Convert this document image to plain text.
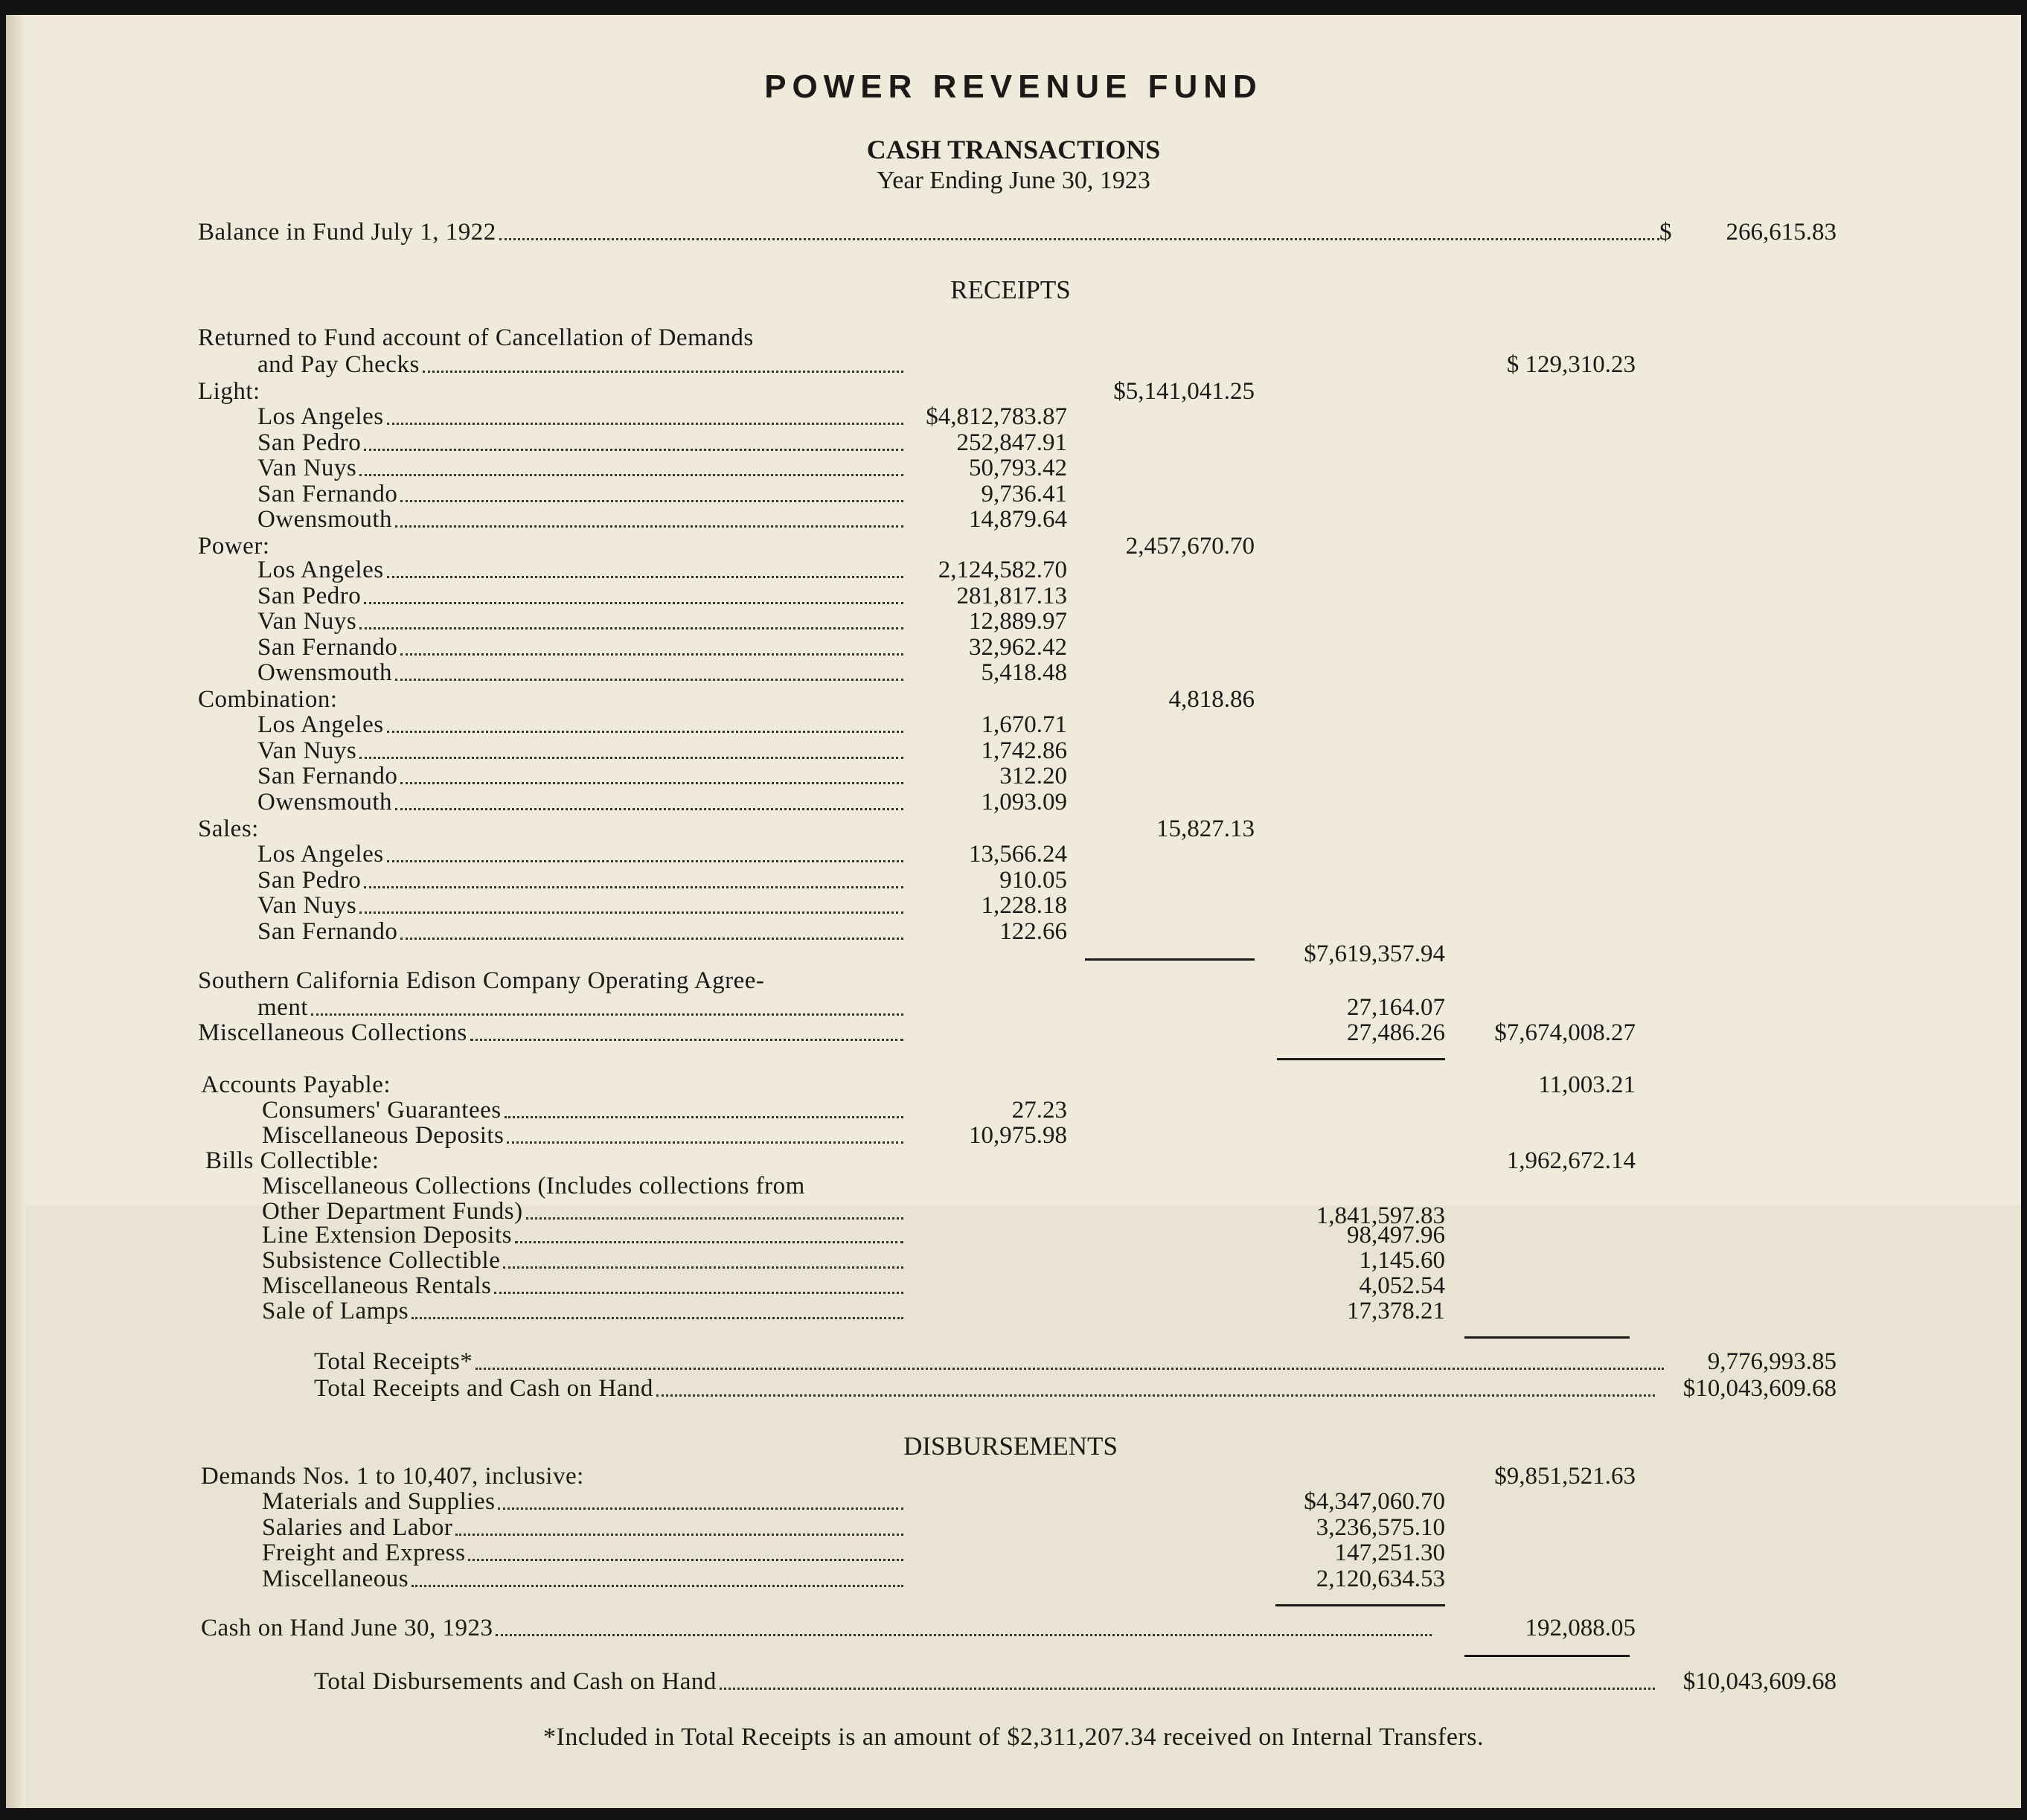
POWER REVENUE FUND
CASH TRANSACTIONS
Year Ending June 30, 1923
Balance in Fund July 1, 1922	$ 266,615.83
RECEIPTS
Returned to Fund account of Cancellation of Demands
and Pay Checks	$ 129,310.23
Light:	$5,141,041.25
Los Angeles	$4,812,783.87
San Pedro	252,847.91
Van Nuys	50,793.42
San Fernando	9,736.41
Owensmouth	14,879.64
Power:	2,457,670.70
Los Angeles	2,124,582.70
San Pedro	281,817.13
Van Nuys	12,889.97
San Fernando	32,962.42
Owensmouth	5,418.48
Combination:	4,818.86
Los Angeles	1,670.71
Van Nuys	1,742.86
San Fernando	312.20
Owensmouth	1,093.09
Sales:	15,827.13
Los Angeles	13,566.24
San Pedro	910.05
Van Nuys	1,228.18
San Fernando	122.66
$7,619,357.94
Southern California Edison Company Operating Agree-
ment	27,164.07
Miscellaneous Collections	27,486.26 $7,674,008.27
Accounts Payable:	11,003.21
Consumers' Guarantees	27.23
Miscellaneous Deposits	10,975.98
Bills Collectible:	1,962,672.14
Miscellaneous Collections (Includes collections from
Other Department Funds)	1,841,597.83
Line Extension Deposits	98,497.96
Subsistence Collectible	1,145.60
Miscellaneous Rentals	4,052.54
Sale of Lamps	17,378.21
Total Receipts*	9,776,993.85
Total Receipts and Cash on Hand	$10,043,609.68
DISBURSEMENTS
Demands Nos. 1 to 10,407, inclusive:	$9,851,521.63
Materials and Supplies	$4,347,060.70
Salaries and Labor	3,236,575.10
Freight and Express	147,251.30
Miscellaneous	2,120,634.53
Cash on Hand June 30, 1923	192,088.05
Total Disbursements and Cash on Hand	$10,043,609.68
*Included in Total Receipts is an amount of $2,311,207.34 received on Internal Transfers.
